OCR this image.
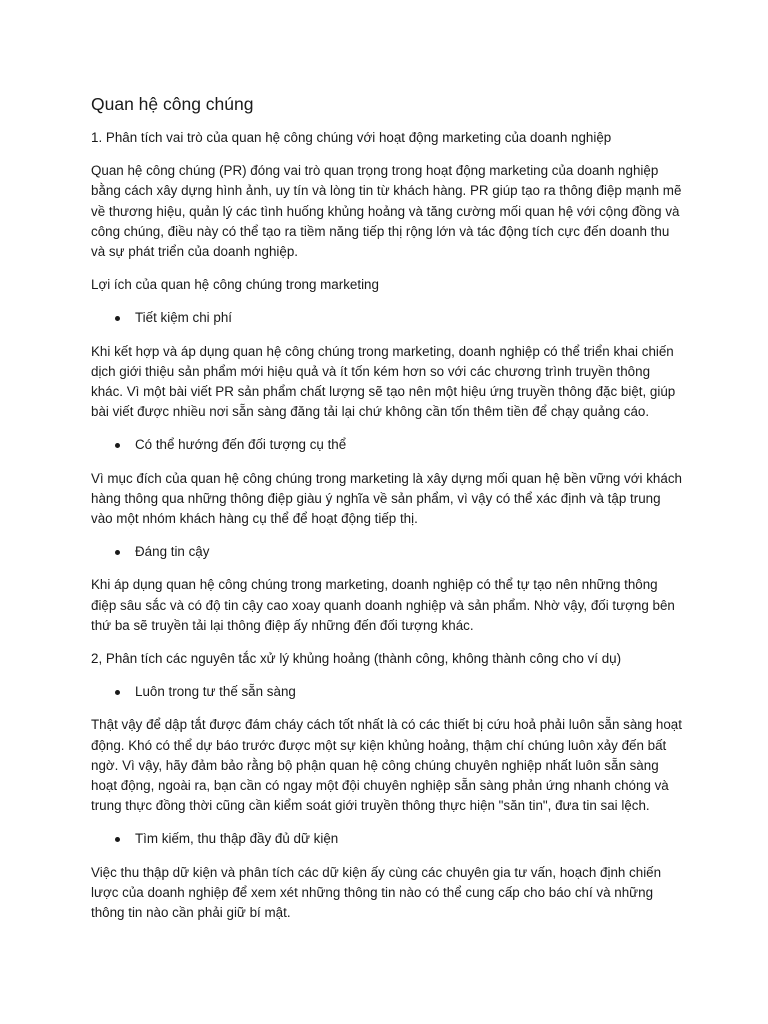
Quan hệ công chúng

1. Phân tích vai trò của quan hệ công chúng với hoạt động marketing của doanh nghiệp

Quan hệ công chúng (PR) đóng vai trò quan trọng trong hoạt động marketing của doanh nghiệp bằng cách xây dựng hình ảnh, uy tín và lòng tin từ khách hàng. PR giúp tạo ra thông điệp mạnh mẽ về thương hiệu, quản lý các tình huống khủng hoảng và tăng cường mối quan hệ với cộng đồng và công chúng, điều này có thể tạo ra tiềm năng tiếp thị rộng lớn và tác động tích cực đến doanh thu và sự phát triển của doanh nghiệp.

Lợi ích của quan hệ công chúng trong marketing

Tiết kiệm chi phí

Khi kết hợp và áp dụng quan hệ công chúng trong marketing, doanh nghiệp có thể triển khai chiến dịch giới thiệu sản phẩm mới hiệu quả và ít tốn kém hơn so với các chương trình truyền thông khác. Vì một bài viết PR sản phẩm chất lượng sẽ tạo nên một hiệu ứng truyền thông đặc biệt, giúp bài viết được nhiều nơi sẵn sàng đăng tải lại chứ không cần tốn thêm tiền để chạy quảng cáo.

Có thể hướng đến đối tượng cụ thể

Vì mục đích của quan hệ công chúng trong marketing là xây dựng mối quan hệ bền vững với khách hàng thông qua những thông điệp giàu ý nghĩa về sản phẩm, vì vậy có thể xác định và tập trung vào một nhóm khách hàng cụ thể để hoạt động tiếp thị.

Đáng tin cậy

Khi áp dụng quan hệ công chúng trong marketing, doanh nghiệp có thể tự tạo nên những thông điệp sâu sắc và có độ tin cậy cao xoay quanh doanh nghiệp và sản phẩm. Nhờ vậy, đối tượng bên thứ ba sẽ truyền tải lại thông điệp ấy những đến đối tượng khác.

2, Phân tích các nguyên tắc xử lý khủng hoảng (thành công, không thành công cho ví dụ)

Luôn trong tư thế sẵn sàng

Thật vậy để dập tắt được đám cháy cách tốt nhất là có các thiết bị cứu hoả phải luôn sẵn sàng hoạt động. Khó có thể dự báo trước được một sự kiện khủng hoảng, thậm chí chúng luôn xảy đến bất ngờ. Vì vậy, hãy đảm bảo rằng bộ phận quan hệ công chúng chuyên nghiệp nhất luôn sẵn sàng hoạt động, ngoài ra, bạn cần có ngay một đội chuyên nghiệp sẵn sàng phản ứng nhanh chóng và trung thực đồng thời cũng cần kiểm soát giới truyền thông thực hiện "săn tin", đưa tin sai lệch.

Tìm kiếm, thu thập đầy đủ dữ kiện

Việc thu thập dữ kiện và phân tích các dữ kiện ấy cùng các chuyên gia tư vấn, hoạch định chiến lược của doanh nghiệp để xem xét những thông tin nào có thể cung cấp cho báo chí và những thông tin nào cần phải giữ bí mật.
